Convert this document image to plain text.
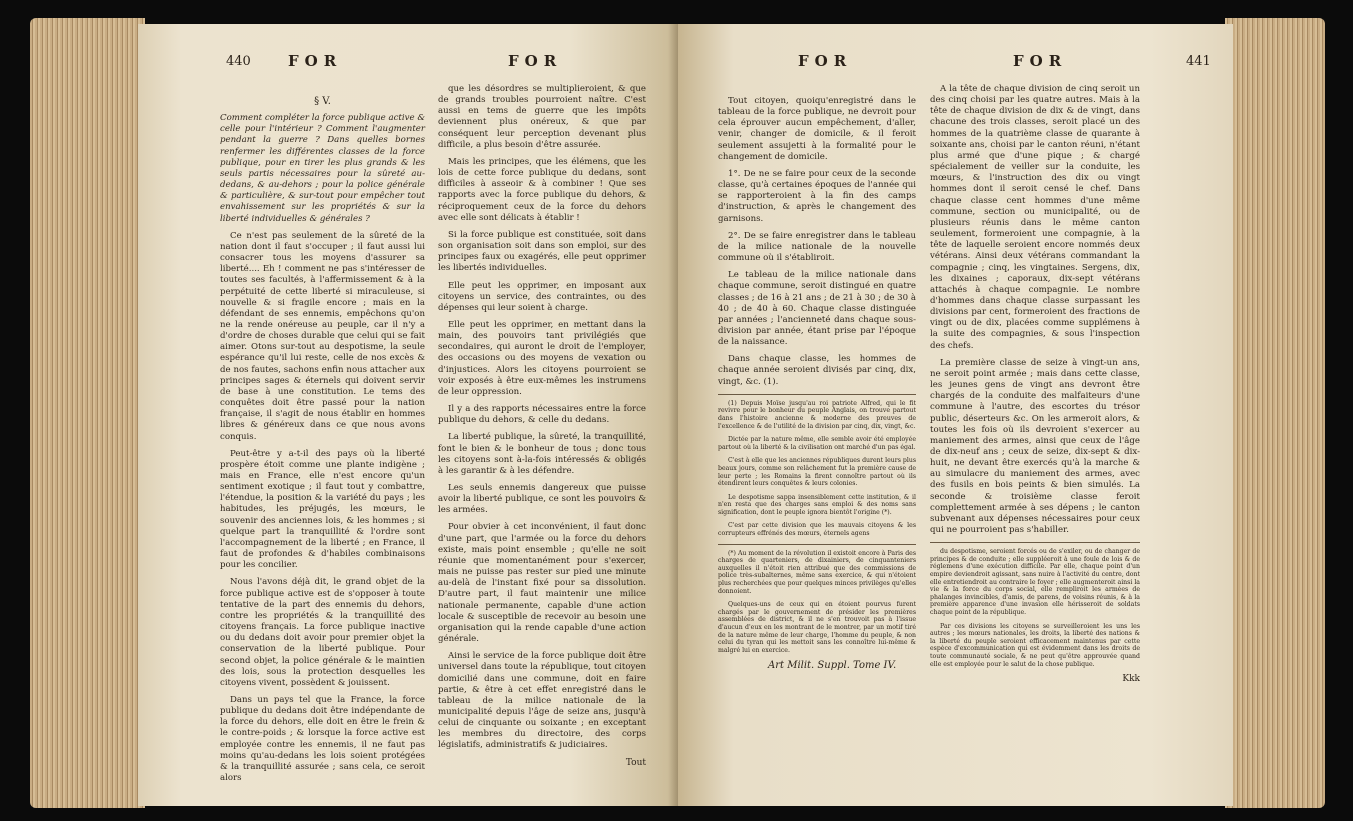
440 FOR	FOR
§ V.

Comment compléter la force publique active & celle pour l'intérieur ? Comment l'augmenter pendant la guerre ? Dans quelles bornes renfermer les différentes classes de la force publique, pour en tirer les plus grands & les seuls partis nécessaires pour la sûreté au-dedans, & au-dehors ; pour la police générale & particulière, & sur-tout pour empêcher tout envahissement sur les propriétés & sur la liberté individuelles & générales ?

Ce n'est pas seulement de la sûreté de la nation dont il faut s'occuper ; il faut aussi lui consacrer tous les moyens d'assurer sa liberté.... Eh ! comment ne pas s'intéresser de toutes ses facultés, à l'affermissement & à la perpétuité de cette liberté si miraculeuse, si nouvelle & si fragile encore ; mais en la défendant de ses ennemis, empêchons qu'on ne la rende onéreuse au peuple, car il n'y a d'ordre de choses durable que celui qui se fait aimer. Otons sur-tout au despotisme, la seule espérance qu'il lui reste, celle de nos excès & de nos fautes, sachons enfin nous attacher aux principes sages & éternels qui doivent servir de base à une constitution. Le tems des conquêtes doit être passé pour la nation française, il s'agit de nous établir en hommes libres & généreux dans ce que nous avons conquis.

Peut-être y a-t-il des pays où la liberté prospère étoit comme une plante indigène ; mais en France, elle n'est encore qu'un sentiment exotique ; il faut tout y combattre, l'étendue, la position & la variété du pays ; les habitudes, les préjugés, les mœurs, le souvenir des anciennes lois, & les hommes ; si quelque part la tranquillité & l'ordre sont l'accompagnement de la liberté ; en France, il faut de profondes & d'habiles combinaisons pour les concilier.

Nous l'avons déjà dit, le grand objet de la force publique active est de s'opposer à toute tentative de la part des ennemis du dehors, contre les propriétés & la tranquillité des citoyens français. La force publique inactive ou du dedans doit avoir pour premier objet la conservation de la liberté publique. Pour second objet, la police générale & le maintien des lois, sous la protection desquelles les citoyens vivent, possèdent & jouissent.

Dans un pays tel que la France, la force publique du dedans doit être indépendante de la force du dehors, elle doit en être le frein & le contre-poids ; & lorsque la force active est employée contre les ennemis, il ne faut pas moins qu'au-dedans les lois soient protégées & la tranquillité assurée ; sans cela, ce seroit alors

que les désordres se multiplieroient, & que de grands troubles pourroient naître. C'est aussi en tems de guerre que les impôts deviennent plus onéreux, & que par conséquent leur perception devenant plus difficile, a plus besoin d'être assurée.

Mais les principes, que les élémens, que les lois de cette force publique du dedans, sont difficiles à asseoir & à combiner ! Que ses rapports avec la force publique du dehors, & réciproquement ceux de la force du dehors avec elle sont délicats à établir !

Si la force publique est constituée, soit dans son organisation soit dans son emploi, sur des principes faux ou exagérés, elle peut opprimer les libertés individuelles.

Elle peut les opprimer, en imposant aux citoyens un service, des contraintes, ou des dépenses qui leur soient à charge.

Elle peut les opprimer, en mettant dans la main, des pouvoirs tant privilégiés que secondaires, qui auront le droit de l'employer, des occasions ou des moyens de vexation ou d'injustices. Alors les citoyens pourroient se voir exposés à être eux-mêmes les instrumens de leur oppression.

Il y a des rapports nécessaires entre la force publique du dehors, & celle du dedans.

La liberté publique, la sûreté, la tranquillité, font le bien & le bonheur de tous ; donc tous les citoyens sont à-la-fois intéressés & obligés à les garantir & à les défendre.

Les seuls ennemis dangereux que puisse avoir la liberté publique, ce sont les pouvoirs & les armées.

Pour obvier à cet inconvénient, il faut donc d'une part, que l'armée ou la force du dehors existe, mais point ensemble ; qu'elle ne soit réunie que momentanément pour s'exercer, mais ne puisse pas rester sur pied une minute au-delà de l'instant fixé pour sa dissolution. D'autre part, il faut maintenir une milice nationale permanente, capable d'une action locale & susceptible de recevoir au besoin une organisation qui la rende capable d'une action générale.

Ainsi le service de la force publique doit être universel dans toute la république, tout citoyen domicilié dans une commune, doit en faire partie, & être à cet effet enregistré dans le tableau de la milice nationale de la municipalité depuis l'âge de seize ans, jusqu'à celui de cinquante ou soixante ; en exceptant les membres du directoire, des corps législatifs, administratifs & judiciaires.

Tout
FOR	FOR	441

Tout citoyen, quoiqu'enregistré dans le tableau de la force publique, ne devroit pour cela éprouver aucun empêchement, d'aller, venir, changer de domicile, & il feroit seulement assujetti à la formalité pour le changement de domicile.

1°. De ne se faire pour ceux de la seconde classe, qu'à certaines époques de l'année qui se rapporteroient à la fin des camps d'instruction, & après le changement des garnisons.

2°. De se faire enregistrer dans le tableau de la milice nationale de la nouvelle commune où il s'établiroit.

Le tableau de la milice nationale dans chaque commune, seroit distingué en quatre classes ; de 16 à 21 ans ; de 21 à 30 ; de 30 à 40 ; de 40 à 60. Chaque classe distinguée par années ; l'ancienneté dans chaque sous-division par année, étant prise par l'époque de la naissance.

Dans chaque classe, les hommes de chaque année seroient divisés par cinq, dix, vingt, &c. (1).

(1) Depuis Moïse jusqu'au roi patriote Alfred, qui le fit revivre pour le bonheur du peuple Anglais, on trouve partout dans l'histoire ancienne & moderne des preuves de l'excellence & de l'utilité de la division par cinq, dix, vingt, &c.

Dictée par la nature même, elle semble avoir été employée partout où la liberté & la civilisation ont marché d'un pas égal.

C'est à elle que les anciennes républiques durent leurs plus beaux jours, comme son relâchement fut la première cause de leur perte ; les Romains la firent connoître partout où ils étendirent leurs conquêtes & leurs colonies.

Le despotisme sappa insensiblement cette institution, & il n'en resta que des charges sans emploi & des noms sans signification, dont le peuple ignora bientôt l'origine (*).

C'est par cette division que les mauvais citoyens & les corrupteurs effrénés des mœurs, éternels agens

(*) Au moment de la révolution il existoit encore à Paris des charges de quarteniers, de dixainiers, de cinquanteniers auxquelles il n'étoit rien attribué que des commissions de police très-subalternes, même sans exercice, & qui n'étoient plus recherchées que pour quelques minces privilèges qu'elles donnoient.

Quelques-uns de ceux qui en étoient pourvus furent chargés par le gouvernement de présider les premières assemblées de district, & il ne s'en trouvoit pas à l'issue d'aucun d'eux en les montrant de le montrer, par un motif tiré de la nature même de leur charge, l'homme du peuple, & non celui du tyran qui les mettoit sans les connoître lui-même & malgré lui en exercice.

Art Milit. Suppl. Tome IV.

A la tête de chaque division de cinq seroit un des cinq choisi par les quatre autres. Mais à la tête de chaque division de dix & de vingt, dans chacune des trois classes, seroit placé un des hommes de la quatrième classe de quarante à soixante ans, choisi par le canton réuni, n'étant plus armé que d'une pique ; & chargé spécialement de veiller sur la conduite, les mœurs, & l'instruction des dix ou vingt hommes dont il seroit censé le chef. Dans chaque classe cent hommes d'une même commune, section ou municipalité, ou de plusieurs réunis dans le même canton seulement, formeroient une compagnie, à la tête de laquelle seroient encore nommés deux vétérans. Ainsi deux vétérans commandant la compagnie ; cinq, les vingtaines. Sergens, dix, les dixaines ; caporaux, dix-sept vétérans attachés à chaque compagnie. Le nombre d'hommes dans chaque classe surpassant les divisions par cent, formeroient des fractions de vingt ou de dix, placées comme supplémens à la suite des compagnies, & sous l'inspection des chefs.

La première classe de seize à vingt-un ans, ne seroit point armée ; mais dans cette classe, les jeunes gens de vingt ans devront être chargés de la conduite des malfaiteurs d'une commune à l'autre, des escortes du trésor public, déserteurs &c. On les armeroit alors, & toutes les fois où ils devroient s'exercer au maniement des armes, ainsi que ceux de l'âge de dix-neuf ans ; ceux de seize, dix-sept & dix-huit, ne devant être exercés qu'à la marche & au simulacre du maniement des armes, avec des fusils en bois peints & bien simulés. La seconde & troisième classe feroit complettement armée à ses dépens ; le canton subvenant aux dépenses nécessaires pour ceux qui ne pourroient pas s'habiller.

du despotisme, seroient forcés ou de s'exiler, ou de changer de principes & de conduite ; elle suppléeroit à une foule de lois & de réglemens d'une exécution difficile. Par elle, chaque point d'un empire deviendroit agissant, sans nuire à l'activité du centre, dont elle entretiendroit au contraire le foyer ; elle augmenteroit ainsi la vie & la force du corps social, elle rempliroit les armées de phalanges invincibles, d'amis, de parens, de voisins réunis, & à la première apparence d'une invasion elle hérisseroit de soldats chaque point de la république.

Par ces divisions les citoyens se surveilleroient les uns les autres ; les mœurs nationales, les droits, la liberté des nations & la liberté du peuple seroient efficacement maintenus par cette espèce d'excommunication qui est évidemment dans les droits de toute communauté sociale, & ne peut qu'être approuvée quand elle est employée pour le salut de la chose publique.

Kkk
